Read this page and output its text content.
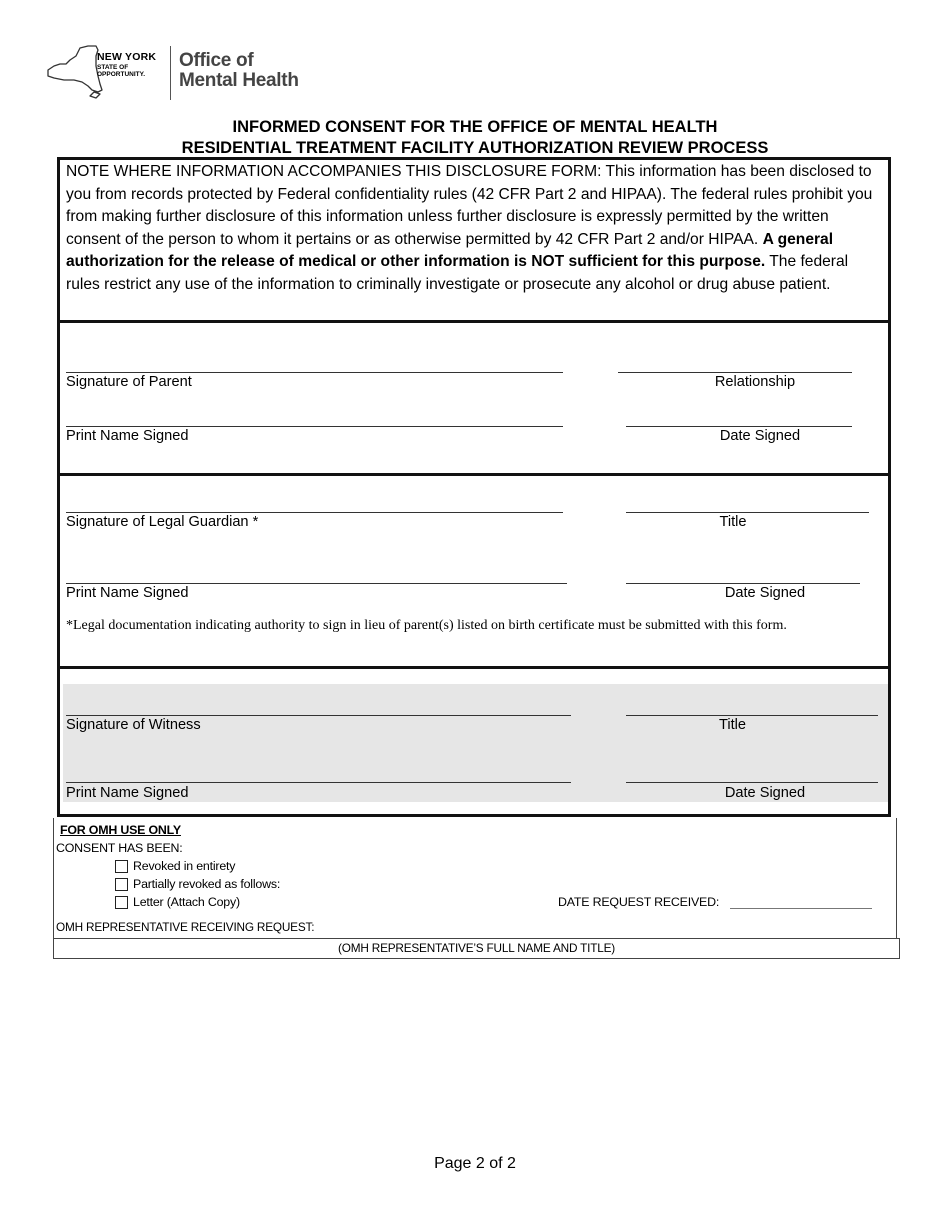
NEW YORK
STATE OF
OPPORTUNITY.
Office of
Mental Health
INFORMED CONSENT FOR THE OFFICE OF MENTAL HEALTH
RESIDENTIAL TREATMENT FACILITY AUTHORIZATION REVIEW PROCESS
NOTE WHERE INFORMATION ACCOMPANIES THIS DISCLOSURE FORM: This information has been disclosed to you from records protected by Federal confidentiality rules (42 CFR Part 2 and HIPAA). The federal rules prohibit you from making further disclosure of this information unless further disclosure is expressly permitted by the written consent of the person to whom it pertains or as otherwise permitted by 42 CFR Part 2 and/or HIPAA. A general authorization for the release of medical or other information is NOT sufficient for this purpose. The federal rules restrict any use of the information to criminally investigate or prosecute any alcohol or drug abuse patient.
Signature of Parent	Relationship
Print Name Signed	Date Signed
Signature of Legal Guardian *	Title
Print Name Signed	Date Signed
*Legal documentation indicating authority to sign in lieu of parent(s) listed on birth certificate must be submitted with this form.
Signature of Witness	Title
Print Name Signed	Date Signed
FOR OMH USE ONLY
CONSENT HAS BEEN:
Revoked in entirety
Partially revoked as follows:
Letter (Attach Copy)	DATE REQUEST RECEIVED:
OMH REPRESENTATIVE RECEIVING REQUEST:
(OMH REPRESENTATIVE’S FULL NAME AND TITLE)
Page 2 of 2
